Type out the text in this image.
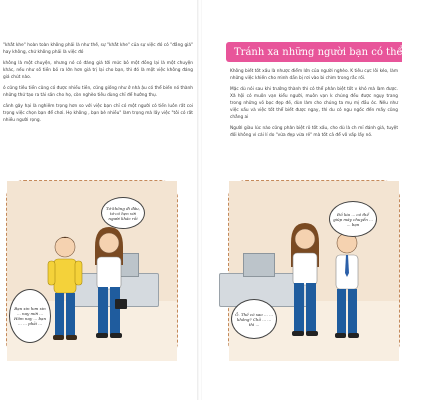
"khắt khe" hoàn toàn không phải là như thế, sự "khắt khe" của sự việc đó có "đẳng giá" hay không, chứ không phải là việc đó

không là một chuyện, nhưng nó có đáng giá tới mức bỏ một đồng lại là một chuyện khác, nếu như số tiền bỏ ra lớn hơn giá trị lại cho bạn, thì đó là một việc không đáng giá chút nào.

ó cũng tiêu tiền cũng có được nhiều tiền, cũng giống như ở nhà ậu có thể biến nó thành những thứ tạo ra tài sản cho họ, còn nghèo tiêu dùng chỉ để hưởng thụ.

cảnh gây hại là nghiêm trọng hơn so với việc bạn chỉ có một người có tiền luôn rất coi trọng việc chọn bạn để chơi. Họ không , bạn bè nhiều" làm trọng mà lấy việc "tôi có rất nhiều người rọng.

Tớ không đi đâu, tớ có hẹn với người khác rồi
Bạn xin hơn xin ... nay mới ... Hôm nay ... bạn ... ... phải ...
Tránh xa những người bạn có thể làm

Không biết tốt xấu là nhược điểm lớn của người nghèo. K tiêu cực lôi kéo, làm những việc khiến cho mình dần bị rơi vào bi chìm trong rắc rối.

Mặc dù nói sau khi trưởng thành thì có thể phân biệt tốt v khó mà làm được. Xã hội có muôn vạn kiểu người, muôn vạn k chúng đều được ngụy trang trong những vỏ bọc đẹp đẽ, dùn làm cho chúng ta mụ mị đầu óc. Nếu như việc xấu và việc tốt thể biết được ngay, thì du có ngu ngốc đến mấy cũng chẳng ai

Người giàu lúc nào cũng phân biệt rõ tốt xấu, cho dù là ch mỉ đánh giá, tuyệt đối không vì cái lí do "vừa đẹp vừa rẻ" mà tốt cả để vô vấp lấy nó.

Đồ kia ... có thể giúp máy chuyển ... ... bạn
Ồ. Thế có sao ... ... không? Chỗ ... ... thì ...
